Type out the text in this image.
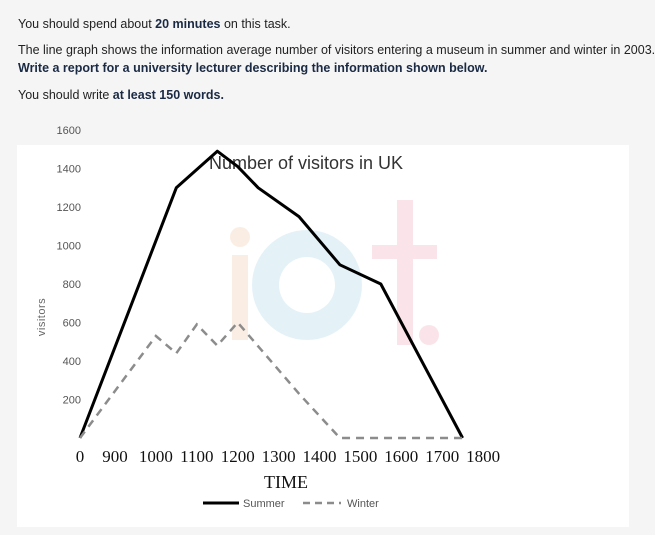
You should spend about 20 minutes on this task.

The line graph shows the information average number of visitors entering a museum in summer and winter in 2003.

Write a report for a university lecturer describing the information shown below.

You should write at least 150 words.

Number of visitors in UK
visitors
200
400
600
800
1000
1200
1400
1600
0 900 1000 1100 1200 1300 1400 1500 1600 1700 1800
TIME
Summer	Winter
